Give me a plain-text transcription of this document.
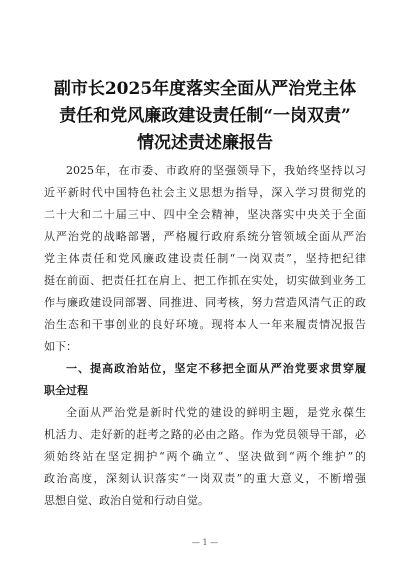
副市长2025年度落实全面从严治党主体
责任和党风廉政建设责任制“一岗双责”
情况述责述廉报告
2025年，在市委、市政府的坚强领导下，我始终坚持以习
近平新时代中国特色社会主义思想为指导，深入学习贯彻党的
二十大和二十届三中、四中全会精神，坚决落实中央关于全面
从严治党的战略部署，严格履行政府系统分管领域全面从严治
党主体责任和党风廉政建设责任制“一岗双责”，坚持把纪律
挺在前面、把责任扛在肩上、把工作抓在实处，切实做到业务工
作与廉政建设同部署、同推进、同考核，努力营造风清气正的政
治生态和干事创业的良好环境。现将本人一年来履责情况报告
如下：
一、提高政治站位，坚定不移把全面从严治党要求贯穿履
职全过程
全面从严治党是新时代党的建设的鲜明主题，是党永葆生
机活力、走好新的赶考之路的必由之路。作为党员领导干部，必
须始终站在坚定拥护“两个确立”、坚决做到“两个维护”的
政治高度，深刻认识落实“一岗双责”的重大意义，不断增强
思想自觉、政治自觉和行动自觉。
— 1 —
